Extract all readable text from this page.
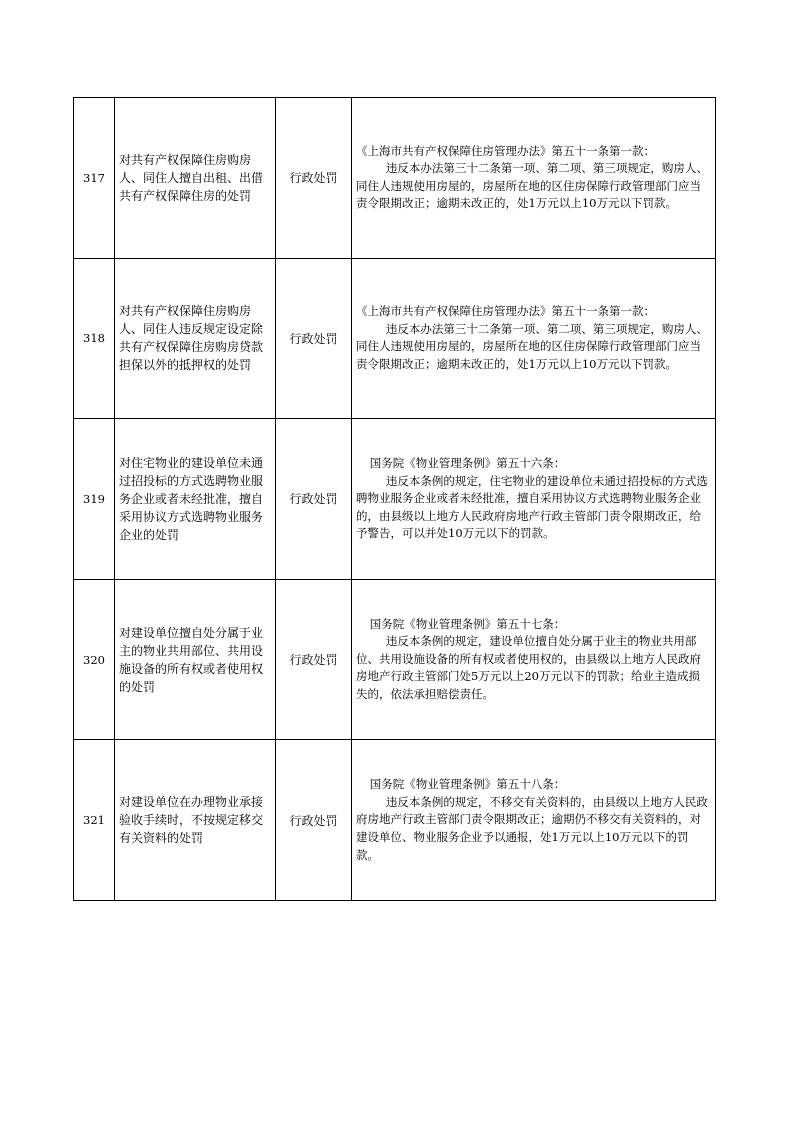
317	对共有产权保障住房购房人、同住人擅自出租、出借共有产权保障住房的处罚	行政处罚	《上海市共有产权保障住房管理办法》第五十一条第一款：

违反本办法第三十二条第一项、第二项、第三项规定，购房人、同住人违规使用房屋的，房屋所在地的区住房保障行政管理部门应当责令限期改正；逾期未改正的，处1万元以上10万元以下罚款。

318	对共有产权保障住房购房人、同住人违反规定设定除共有产权保障住房购房贷款担保以外的抵押权的处罚	行政处罚	《上海市共有产权保障住房管理办法》第五十一条第一款：

违反本办法第三十二条第一项、第二项、第三项规定，购房人、同住人违规使用房屋的，房屋所在地的区住房保障行政管理部门应当责令限期改正；逾期未改正的，处1万元以上10万元以下罚款。

319	对住宅物业的建设单位未通过招投标的方式选聘物业服务企业或者未经批准，擅自采用协议方式选聘物业服务企业的处罚	行政处罚	国务院《物业管理条例》第五十六条：

违反本条例的规定，住宅物业的建设单位未通过招投标的方式选聘物业服务企业或者未经批准，擅自采用协议方式选聘物业服务企业的，由县级以上地方人民政府房地产行政主管部门责令限期改正，给予警告，可以并处10万元以下的罚款。

320	对建设单位擅自处分属于业主的物业共用部位、共用设施设备的所有权或者使用权的处罚	行政处罚	国务院《物业管理条例》第五十七条：

违反本条例的规定，建设单位擅自处分属于业主的物业共用部位、共用设施设备的所有权或者使用权的，由县级以上地方人民政府房地产行政主管部门处5万元以上20万元以下的罚款；给业主造成损失的，依法承担赔偿责任。

321	对建设单位在办理物业承接验收手续时，不按规定移交有关资料的处罚	行政处罚	国务院《物业管理条例》第五十八条：

违反本条例的规定，不移交有关资料的，由县级以上地方人民政府房地产行政主管部门责令限期改正；逾期仍不移交有关资料的，对建设单位、物业服务企业予以通报，处1万元以上10万元以下的罚款。
